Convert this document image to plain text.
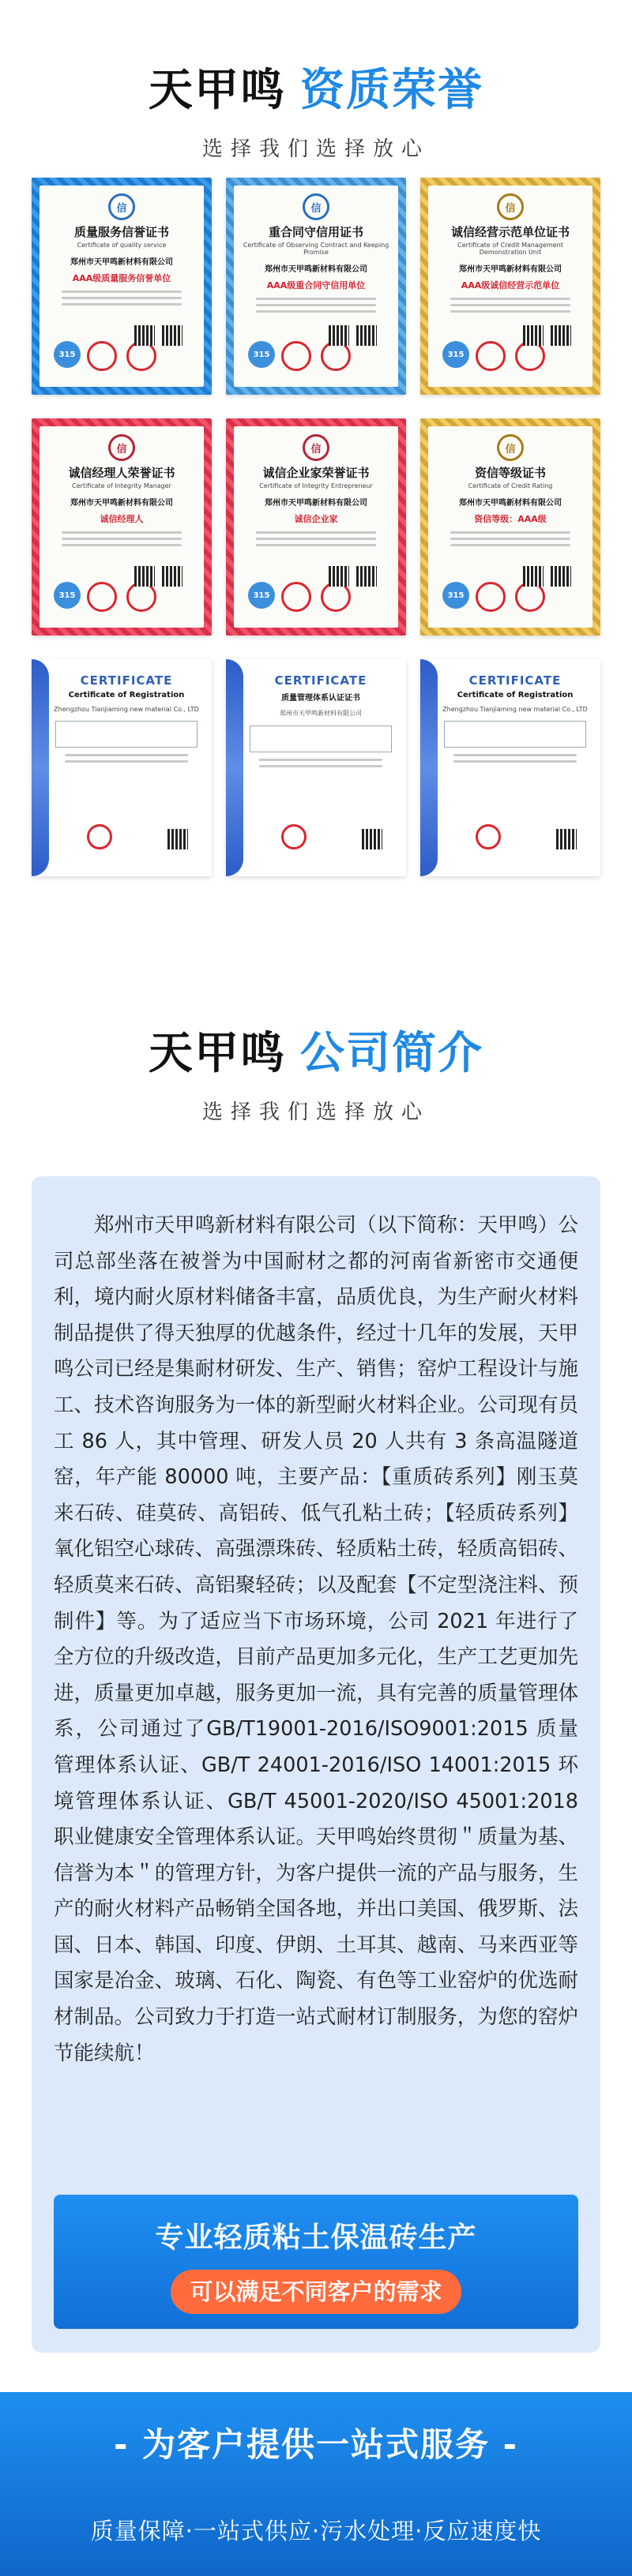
天甲鸣 资质荣誉
选择我们选择放心
信
质量服务信誉证书
Certificate of quality service
郑州市天甲鸣新材料有限公司
AAA级质量服务信誉单位
315
信
重合同守信用证书
Certificate of Observing Contract and Keeping Promise
郑州市天甲鸣新材料有限公司
AAA级重合同守信用单位
315
信
诚信经营示范单位证书
Certificate of Credit Management Demonstration Unit
郑州市天甲鸣新材料有限公司
AAA级诚信经营示范单位
315
信
诚信经理人荣誉证书
Certificate of Integrity Manager
郑州市天甲鸣新材料有限公司
诚信经理人
315
信
诚信企业家荣誉证书
Certificate of Integrity Entrepreneur
郑州市天甲鸣新材料有限公司
诚信企业家
315
信
资信等级证书
Certificate of Credit Rating
郑州市天甲鸣新材料有限公司
资信等级：AAA级
315
CERTIFICATE
Certificate of Registration
Zhengzhou Tianjiaming new material Co., LTD
CERTIFICATE
质量管理体系认证证书
郑州市天甲鸣新材料有限公司
CERTIFICATE
Certificate of Registration
Zhengzhou Tianjiaming new material Co., LTD
天甲鸣 公司简介
选择我们选择放心

郑州市天甲鸣新材料有限公司（以下简称：天甲鸣）公司总部坐落在被誉为中国耐材之都的河南省新密市交通便利，境内耐火原材料储备丰富，品质优良，为生产耐火材料制品提供了得天独厚的优越条件，经过十几年的发展，天甲鸣公司已经是集耐材研发、生产、销售；窑炉工程设计与施工、技术咨询服务为一体的新型耐火材料企业。公司现有员工 86 人，其中管理、研发人员 20 人共有 3 条高温隧道窑，年产能 80000 吨，主要产品：【重质砖系列】刚玉莫来石砖、硅莫砖、高铝砖、低气孔粘土砖；【轻质砖系列】氧化铝空心球砖、高强漂珠砖、轻质粘土砖，轻质高铝砖、轻质莫来石砖、高铝聚轻砖；以及配套【不定型浇注料、预制件】等。为了适应当下市场环境，公司 2021 年进行了全方位的升级改造，目前产品更加多元化，生产工艺更加先进，质量更加卓越，服务更加一流，具有完善的质量管理体系，公司通过了GB/T19001-2016/ISO9001:2015 质量管理体系认证、GB/T 24001-2016/ISO 14001:2015 环境管理体系认证、GB/T 45001-2020/ISO 45001:2018 职业健康安全管理体系认证。天甲鸣始终贯彻＂质量为基、信誉为本＂的管理方针，为客户提供一流的产品与服务，生产的耐火材料产品畅销全国各地，并出口美国、俄罗斯、法国、日本、韩国、印度、伊朗、土耳其、越南、马来西亚等国家是冶金、玻璃、石化、陶瓷、有色等工业窑炉的优选耐材制品。公司致力于打造一站式耐材订制服务，为您的窑炉节能续航！

专业轻质粘土保温砖生产
可以满足不同客户的需求
- 为客户提供一站式服务 -
质量保障·一站式供应·污水处理·反应速度快
